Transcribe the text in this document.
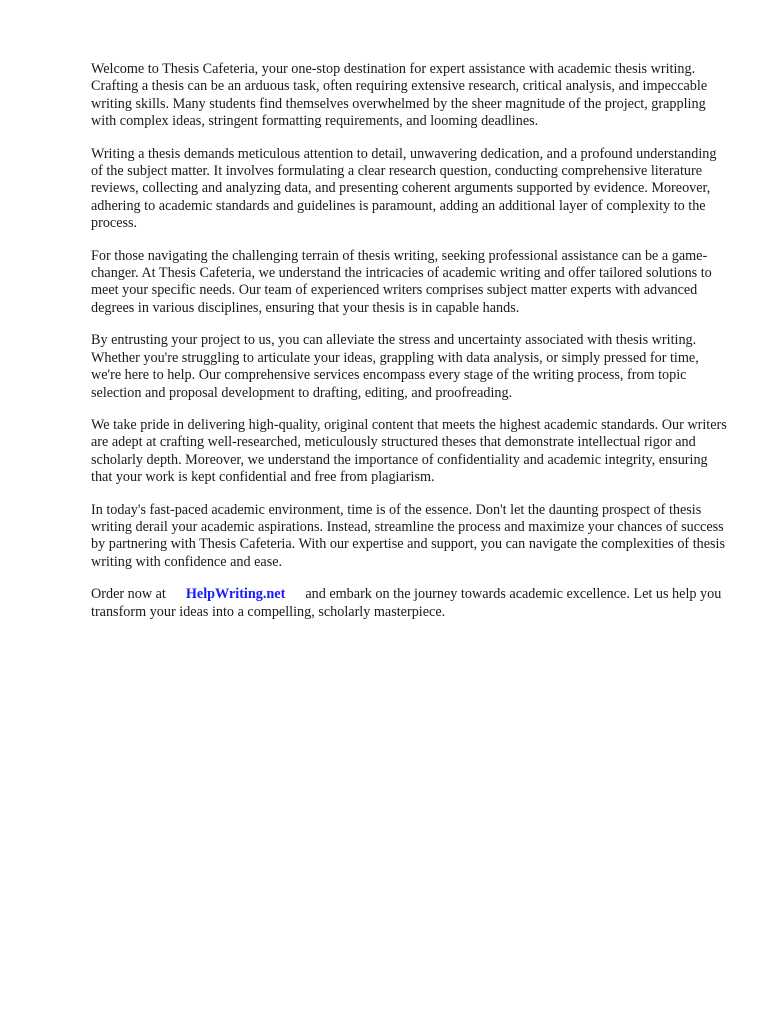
Welcome to Thesis Cafeteria, your one-stop destination for expert assistance with academic thesis writing. Crafting a thesis can be an arduous task, often requiring extensive research, critical analysis, and impeccable writing skills. Many students find themselves overwhelmed by the sheer magnitude of the project, grappling with complex ideas, stringent formatting requirements, and looming deadlines.

Writing a thesis demands meticulous attention to detail, unwavering dedication, and a profound understanding of the subject matter. It involves formulating a clear research question, conducting comprehensive literature reviews, collecting and analyzing data, and presenting coherent arguments supported by evidence. Moreover, adhering to academic standards and guidelines is paramount, adding an additional layer of complexity to the process.

For those navigating the challenging terrain of thesis writing, seeking professional assistance can be a game-changer. At Thesis Cafeteria, we understand the intricacies of academic writing and offer tailored solutions to meet your specific needs. Our team of experienced writers comprises subject matter experts with advanced degrees in various disciplines, ensuring that your thesis is in capable hands.

By entrusting your project to us, you can alleviate the stress and uncertainty associated with thesis writing. Whether you're struggling to articulate your ideas, grappling with data analysis, or simply pressed for time, we're here to help. Our comprehensive services encompass every stage of the writing process, from topic selection and proposal development to drafting, editing, and proofreading.

We take pride in delivering high-quality, original content that meets the highest academic standards. Our writers are adept at crafting well-researched, meticulously structured theses that demonstrate intellectual rigor and scholarly depth. Moreover, we understand the importance of confidentiality and academic integrity, ensuring that your work is kept confidential and free from plagiarism.

In today's fast-paced academic environment, time is of the essence. Don't let the daunting prospect of thesis writing derail your academic aspirations. Instead, streamline the process and maximize your chances of success by partnering with Thesis Cafeteria. With our expertise and support, you can navigate the complexities of thesis writing with confidence and ease.

Order now at HelpWriting.net and embark on the journey towards academic excellence. Let us help you transform your ideas into a compelling, scholarly masterpiece.
